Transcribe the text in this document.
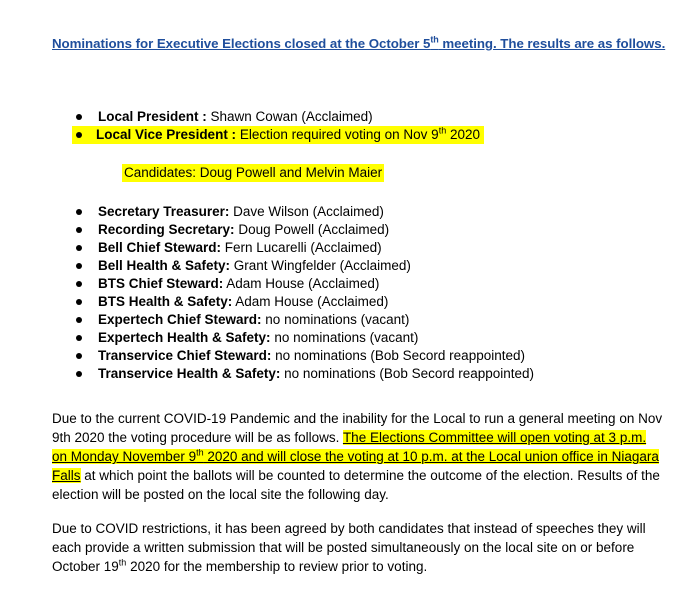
Nominations for Executive Elections closed at the October 5th meeting. The results are as follows.
Local President : Shawn Cowan (Acclaimed)
Local Vice President : Election required voting on Nov 9th 2020
Candidates: Doug Powell and Melvin Maier
Secretary Treasurer: Dave Wilson (Acclaimed)
Recording Secretary: Doug Powell (Acclaimed)
Bell Chief Steward: Fern Lucarelli (Acclaimed)
Bell Health & Safety: Grant Wingfelder (Acclaimed)
BTS Chief Steward: Adam House (Acclaimed)
BTS Health & Safety: Adam House (Acclaimed)
Expertech Chief Steward: no nominations (vacant)
Expertech Health & Safety: no nominations (vacant)
Transervice Chief Steward: no nominations (Bob Secord reappointed)
Transervice Health & Safety: no nominations (Bob Secord reappointed)
Due to the current COVID-19 Pandemic and the inability for the Local to run a general meeting on Nov 9th 2020 the voting procedure will be as follows. The Elections Committee will open voting at 3 p.m. on Monday November 9th 2020 and will close the voting at 10 p.m. at the Local union office in Niagara Falls at which point the ballots will be counted to determine the outcome of the election. Results of the election will be posted on the local site the following day.
Due to COVID restrictions, it has been agreed by both candidates that instead of speeches they will each provide a written submission that will be posted simultaneously on the local site on or before October 19th 2020 for the membership to review prior to voting.
